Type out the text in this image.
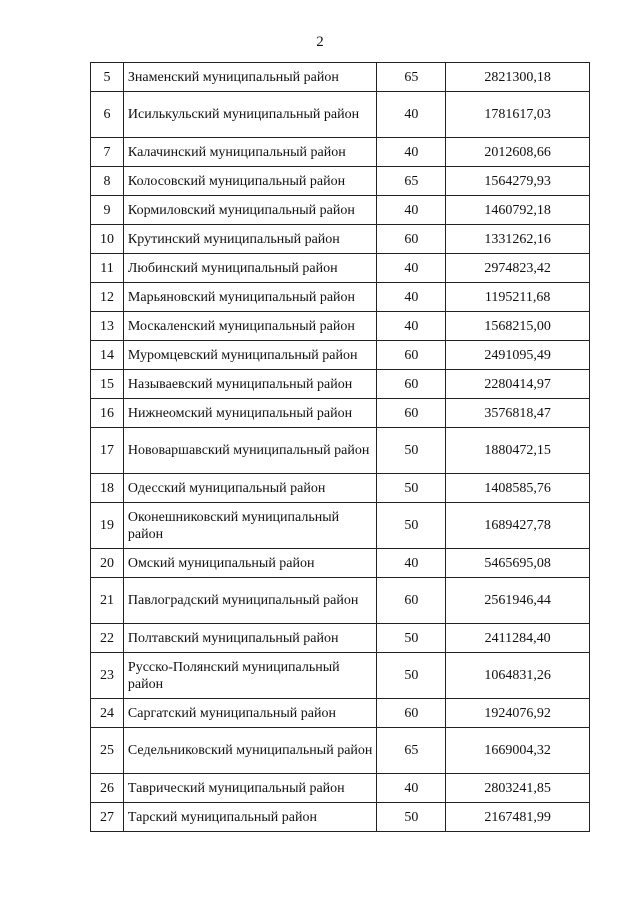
2
5	Знаменский муниципальный район	65	2821300,18
6	Исилькульский муниципальный район	40	1781617,03
7	Калачинский муниципальный район	40	2012608,66
8	Колосовский муниципальный район	65	1564279,93
9	Кормиловский муниципальный район	40	1460792,18
10	Крутинский муниципальный район	60	1331262,16
11	Любинский муниципальный район	40	2974823,42
12	Марьяновский муниципальный район	40	1195211,68
13	Москаленский муниципальный район	40	1568215,00
14	Муромцевский муниципальный район	60	2491095,49
15	Называевский муниципальный район	60	2280414,97
16	Нижнеомский муниципальный район	60	3576818,47
17	Нововаршавский муниципальный район	50	1880472,15
18	Одесский муниципальный район	50	1408585,76
19	Оконешниковский муниципальный район	50	1689427,78
20	Омский муниципальный район	40	5465695,08
21	Павлоградский муниципальный район	60	2561946,44
22	Полтавский муниципальный район	50	2411284,40
23	Русско-Полянский муниципальный район	50	1064831,26
24	Саргатский муниципальный район	60	1924076,92
25	Седельниковский муниципальный район	65	1669004,32
26	Таврический муниципальный район	40	2803241,85
27	Тарский муниципальный район	50	2167481,99
